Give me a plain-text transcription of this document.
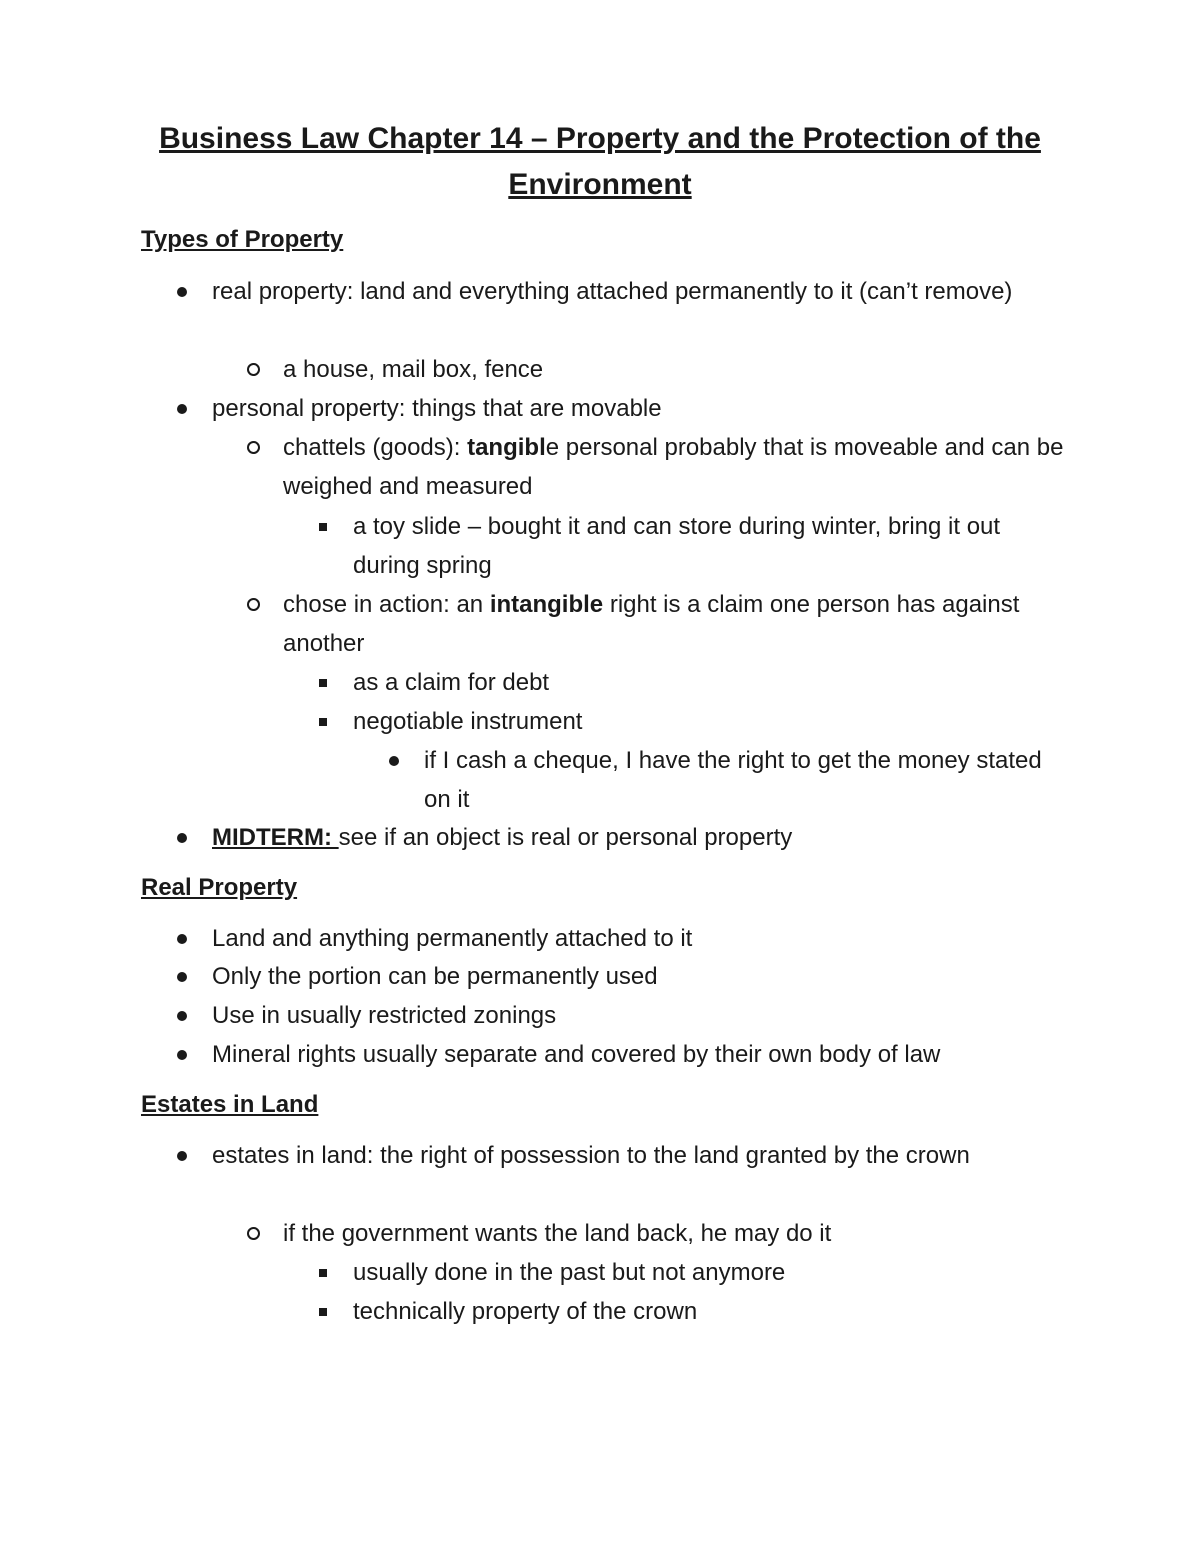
Business Law Chapter 14 – Property and the Protection of the Environment
Types of Property
real property: land and everything attached permanently to it (can’t remove)
a house, mail box, fence
personal property: things that are movable
chattels (goods): tangible personal probably that is moveable and can be weighed and measured
a toy slide – bought it and can store during winter, bring it out during spring
chose in action: an intangible right is a claim one person has against another
as a claim for debt
negotiable instrument
if I cash a cheque, I have the right to get the money stated on it
MIDTERM: see if an object is real or personal property
Real Property
Land and anything permanently attached to it
Only the portion can be permanently used
Use in usually restricted zonings
Mineral rights usually separate and covered by their own body of law
Estates in Land
estates in land: the right of possession to the land granted by the crown
if the government wants the land back, he may do it
usually done in the past but not anymore
technically property of the crown
